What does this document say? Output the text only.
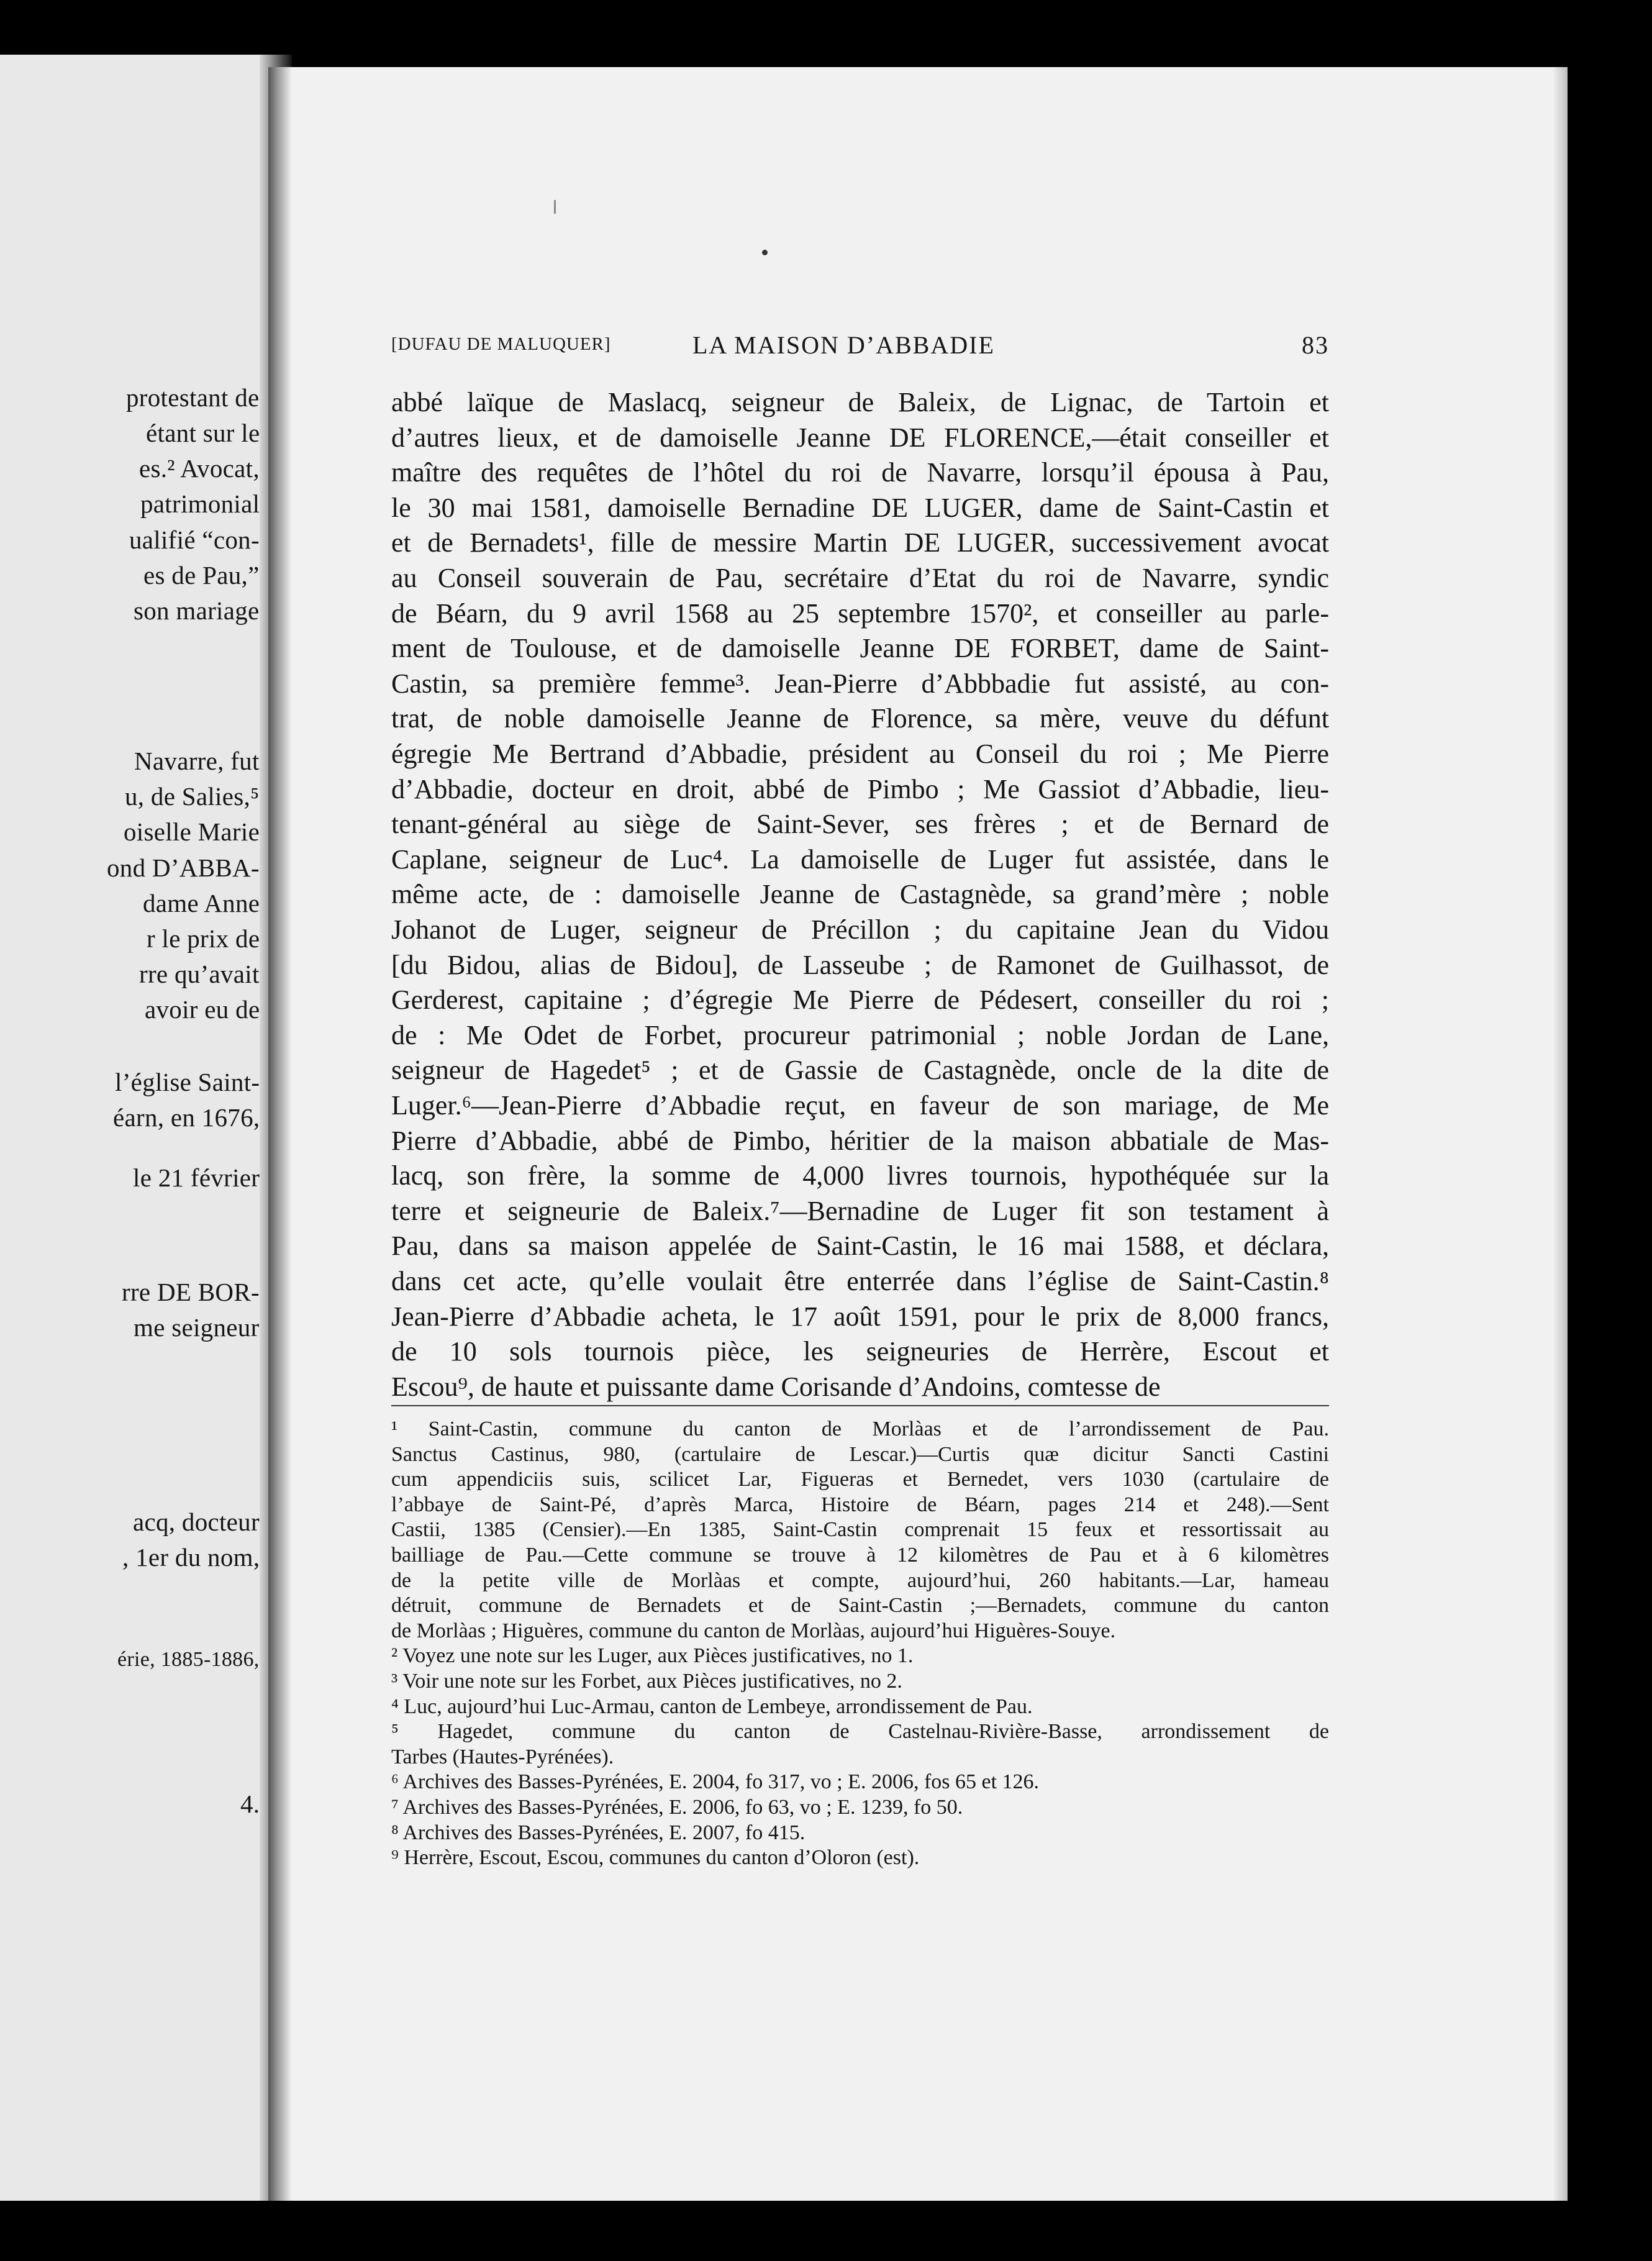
protestant de
étant sur le
es.² Avocat,
patrimonial
ualifié “con-
es de Pau,”
son mariage
Navarre, fut
u, de Salies,⁵
oiselle Marie
ond D’ABBA-
dame Anne
r le prix de
rre qu’avait
avoir eu de
l’église Saint-
éarn, en 1676,
le 21 février
rre DE BOR-
me seigneur
acq, docteur
, 1er du nom,
érie, 1885-1886,
4.
[DUFAU DE MALUQUER]	LA MAISON D’ABBADIE	83
abbé laïque de Maslacq, seigneur de Baleix, de Lignac, de Tartoin et
d’autres lieux, et de damoiselle Jeanne DE FLORENCE,—était conseiller et
maître des requêtes de l’hôtel du roi de Navarre, lorsqu’il épousa à Pau,
le 30 mai 1581, damoiselle Bernadine DE LUGER, dame de Saint-Castin et
et de Bernadets¹, fille de messire Martin DE LUGER, successivement avocat
au Conseil souverain de Pau, secrétaire d’Etat du roi de Navarre, syndic
de Béarn, du 9 avril 1568 au 25 septembre 1570², et conseiller au parle-
ment de Toulouse, et de damoiselle Jeanne DE FORBET, dame de Saint-
Castin, sa première femme³. Jean-Pierre d’Abbbadie fut assisté, au con-
trat, de noble damoiselle Jeanne de Florence, sa mère, veuve du défunt
égregie Me Bertrand d’Abbadie, président au Conseil du roi ; Me Pierre
d’Abbadie, docteur en droit, abbé de Pimbo ; Me Gassiot d’Abbadie, lieu-
tenant-général au siège de Saint-Sever, ses frères ; et de Bernard de
Caplane, seigneur de Luc⁴. La damoiselle de Luger fut assistée, dans le
même acte, de : damoiselle Jeanne de Castagnède, sa grand’mère ; noble
Johanot de Luger, seigneur de Précillon ; du capitaine Jean du Vidou
[du Bidou, alias de Bidou], de Lasseube ; de Ramonet de Guilhassot, de
Gerderest, capitaine ; d’égregie Me Pierre de Pédesert, conseiller du roi ;
de : Me Odet de Forbet, procureur patrimonial ; noble Jordan de Lane,
seigneur de Hagedet⁵ ; et de Gassie de Castagnède, oncle de la dite de
Luger.⁶—Jean-Pierre d’Abbadie reçut, en faveur de son mariage, de Me
Pierre d’Abbadie, abbé de Pimbo, héritier de la maison abbatiale de Mas-
lacq, son frère, la somme de 4,000 livres tournois, hypothéquée sur la
terre et seigneurie de Baleix.⁷—Bernadine de Luger fit son testament à
Pau, dans sa maison appelée de Saint-Castin, le 16 mai 1588, et déclara,
dans cet acte, qu’elle voulait être enterrée dans l’église de Saint-Castin.⁸
Jean-Pierre d’Abbadie acheta, le 17 août 1591, pour le prix de 8,000 francs,
de 10 sols tournois pièce, les seigneuries de Herrère, Escout et
Escou⁹, de haute et puissante dame Corisande d’Andoins, comtesse de
¹ Saint-Castin, commune du canton de Morlàas et de l’arrondissement de Pau.
Sanctus Castinus, 980, (cartulaire de Lescar.)—Curtis quæ dicitur Sancti Castini
cum appendiciis suis, scilicet Lar, Figueras et Bernedet, vers 1030 (cartulaire de
l’abbaye de Saint-Pé, d’après Marca, Histoire de Béarn, pages 214 et 248).—Sent
Castii, 1385 (Censier).—En 1385, Saint-Castin comprenait 15 feux et ressortissait au
bailliage de Pau.—Cette commune se trouve à 12 kilomètres de Pau et à 6 kilomètres
de la petite ville de Morlàas et compte, aujourd’hui, 260 habitants.—Lar, hameau
détruit, commune de Bernadets et de Saint-Castin ;—Bernadets, commune du canton
de Morlàas ; Higuères, commune du canton de Morlàas, aujourd’hui Higuères-Souye.
² Voyez une note sur les Luger, aux Pièces justificatives, no 1.
³ Voir une note sur les Forbet, aux Pièces justificatives, no 2.
⁴ Luc, aujourd’hui Luc-Armau, canton de Lembeye, arrondissement de Pau.
⁵ Hagedet, commune du canton de Castelnau-Rivière-Basse, arrondissement de
Tarbes (Hautes-Pyrénées).
⁶ Archives des Basses-Pyrénées, E. 2004, fo 317, vo ; E. 2006, fos 65 et 126.
⁷ Archives des Basses-Pyrénées, E. 2006, fo 63, vo ; E. 1239, fo 50.
⁸ Archives des Basses-Pyrénées, E. 2007, fo 415.
⁹ Herrère, Escout, Escou, communes du canton d’Oloron (est).
